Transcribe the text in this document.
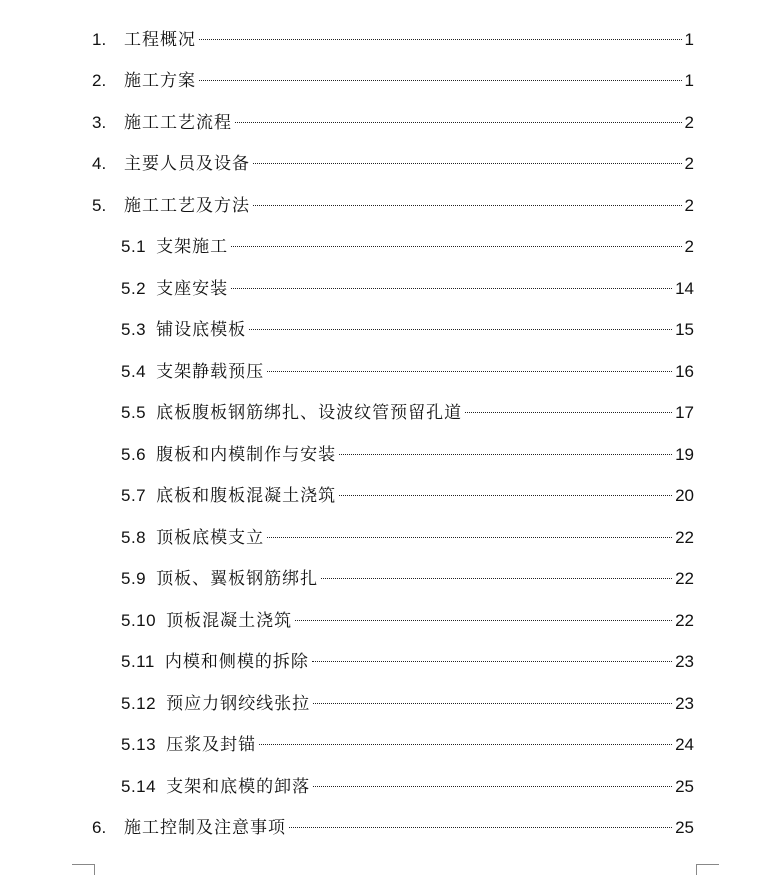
1.	工程概况	1
2.	施工方案	1
3.	施工工艺流程	2
4.	主要人员及设备	2
5.	施工工艺及方法	2
5.1 支架施工	2
5.2 支座安装	14
5.3 铺设底模板	15
5.4 支架静载预压	16
5.5 底板腹板钢筋绑扎、设波纹管预留孔道	17
5.6 腹板和内模制作与安装	19
5.7 底板和腹板混凝土浇筑	20
5.8 顶板底模支立	22
5.9 顶板、翼板钢筋绑扎	22
5.10 顶板混凝土浇筑	22
5.11 内模和侧模的拆除	23
5.12 预应力钢绞线张拉	23
5.13 压浆及封锚	24
5.14 支架和底模的卸落	25
6.	施工控制及注意事项	25
